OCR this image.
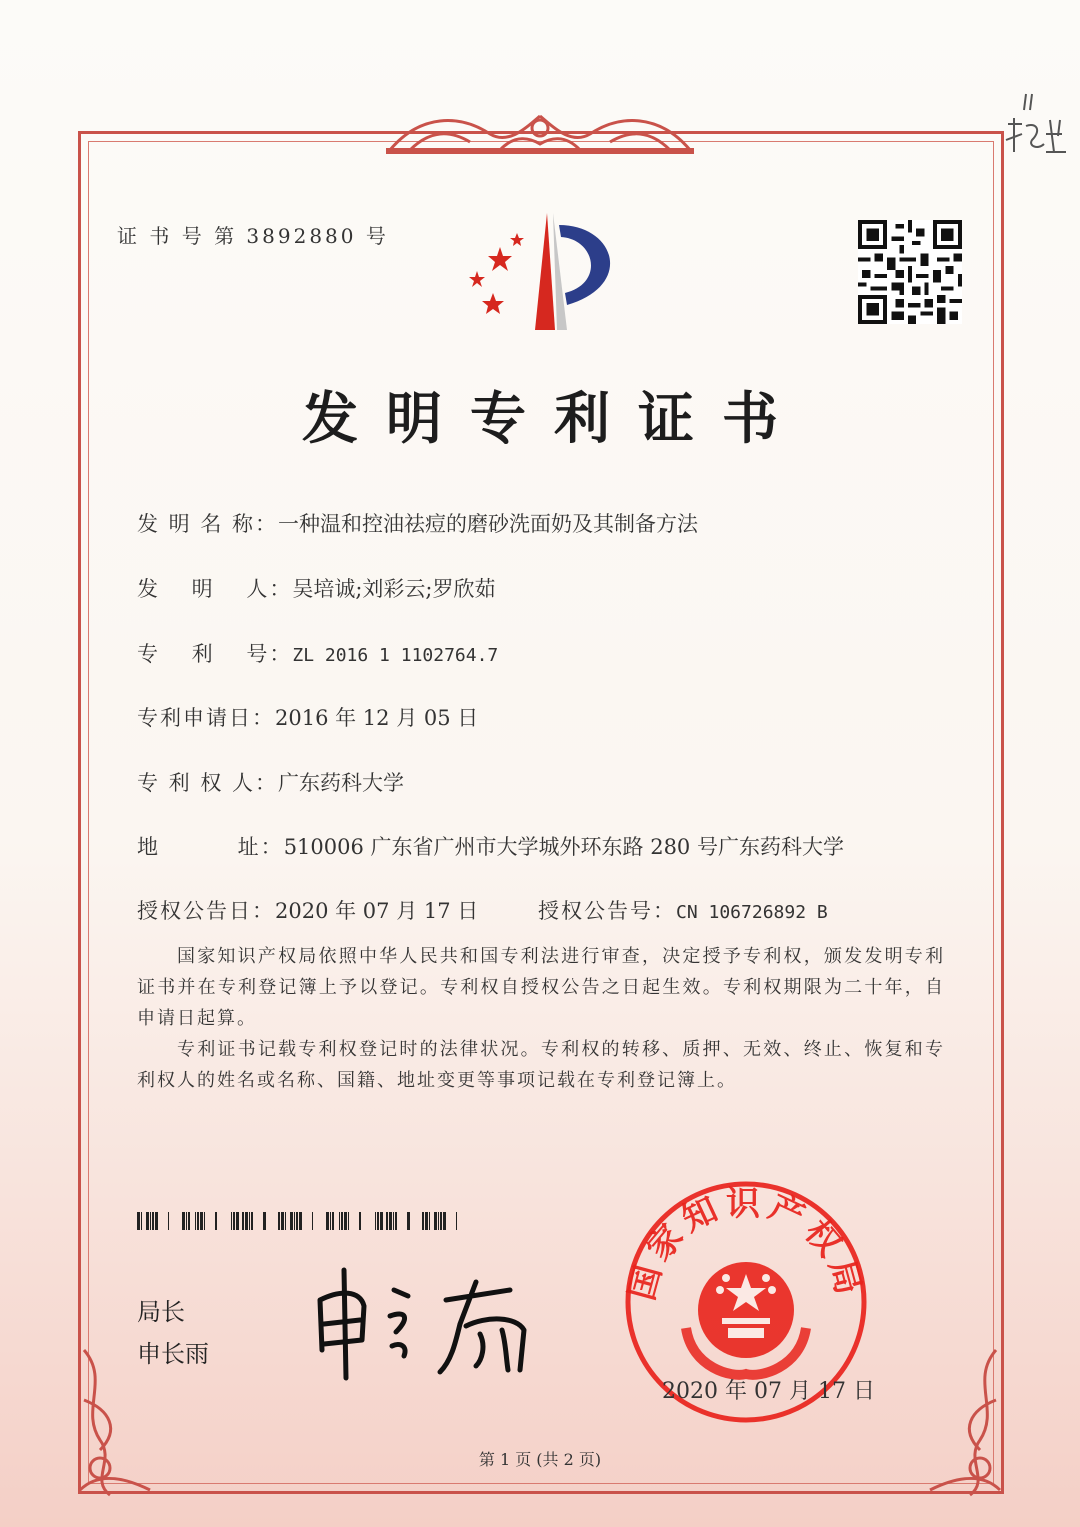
证 书 号 第 3892880 号
发明专利证书
发 明 名 称：一种温和控油祛痘的磨砂洗面奶及其制备方法
发　 明 　人：吴培诚;刘彩云;罗欣茹
专　 利 　号：ZL 2016 1 1102764.7
专利申请日：2016 年 12 月 05 日
专 利 权 人：广东药科大学
地　　　 址：510006 广东省广州市大学城外环东路 280 号广东药科大学
授权公告日：2020 年 07 月 17 日	授权公告号：CN 106726892 B
国家知识产权局依照中华人民共和国专利法进行审查，决定授予专利权，颁发发明专利证书并在专利登记簿上予以登记。专利权自授权公告之日起生效。专利权期限为二十年，自申请日起算。
专利证书记载专利权登记时的法律状况。专利权的转移、质押、无效、终止、恢复和专利权人的姓名或名称、国籍、地址变更等事项记载在专利登记簿上。
局长
申长雨
国家知识产权局
2020 年 07 月 17 日
第 1 页 (共 2 页)
